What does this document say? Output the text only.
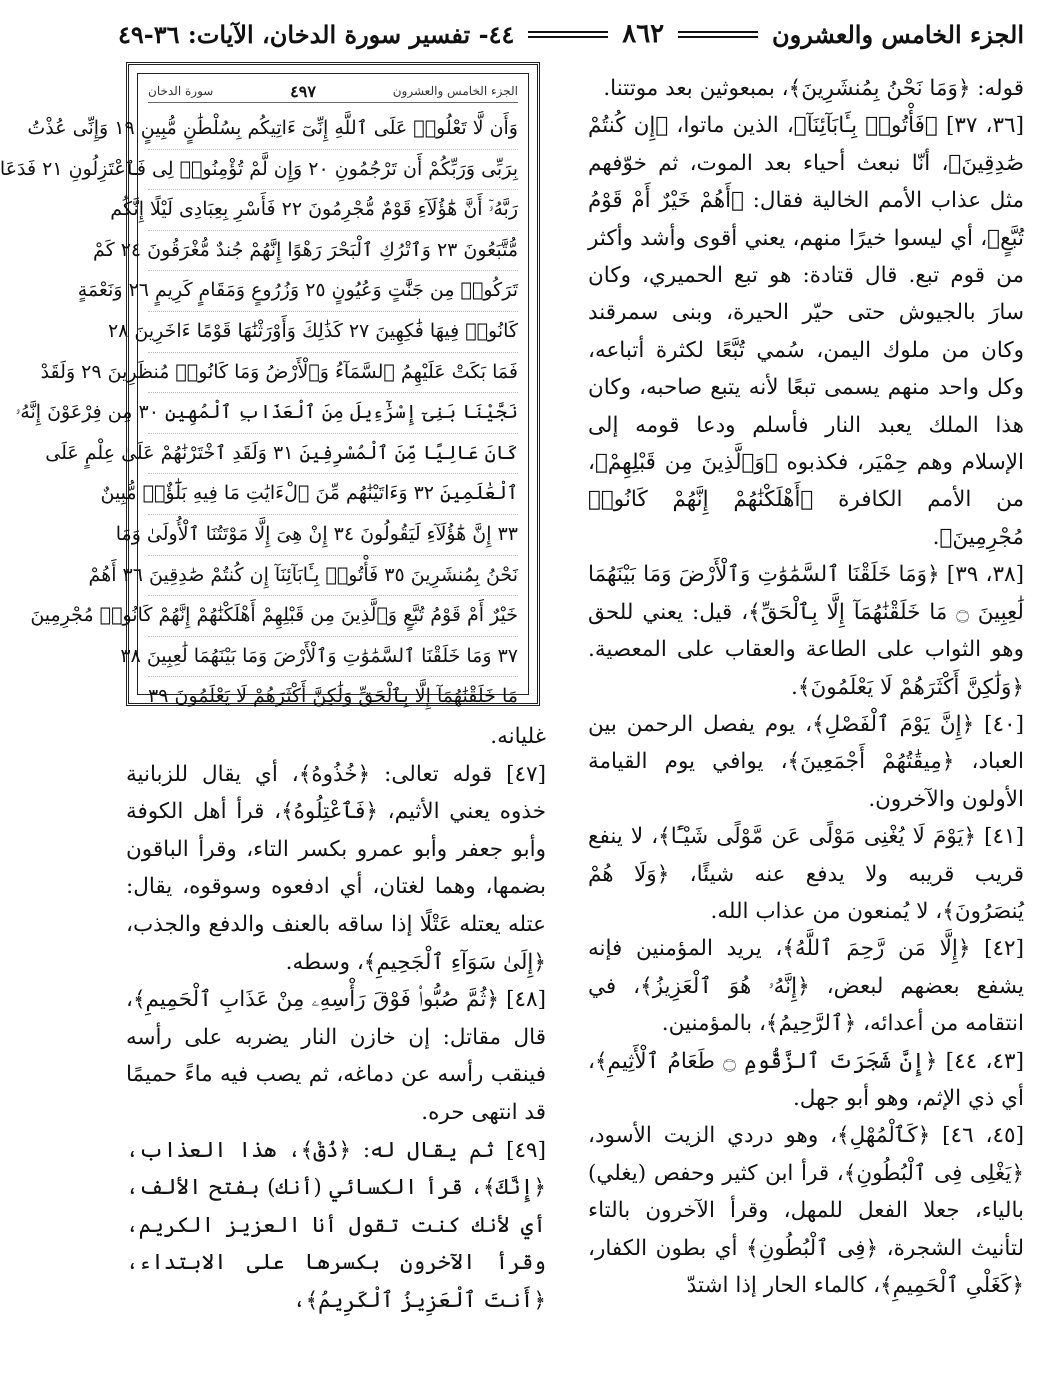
الجزء الخامس والعشرون
٨٦٢
٤٤- تفسير سورة الدخان، الآيات: ٣٦-٤٩

قوله: ﴿وَمَا نَحْنُ بِمُنشَرِينَ﴾، بمبعوثين بعد موتتنا.

[٣٦، ٣٧] ﴿فَأْتُوا۟ بِـَٔابَآئِنَآ﴾، الذين ماتوا، ﴿إِن كُنتُمْ صَٰدِقِينَ﴾، أنّا نبعث أحياء بعد الموت، ثم خوّفهم مثل عذاب الأمم الخالية فقال: ﴿أَهُمْ خَيْرٌ أَمْ قَوْمُ تُبَّعٍ﴾، أي ليسوا خيرًا منهم، يعني أقوى وأشد وأكثر من قوم تبع. قال قتادة: هو تبع الحميري، وكان سارَ بالجيوش حتى حيّر الحيرة، وبنى سمرقند وكان من ملوك اليمن، سُمي تُبَّعًا لكثرة أتباعه، وكل واحد منهم يسمى تبعًا لأنه يتبع صاحبه، وكان هذا الملك يعبد النار فأسلم ودعا قومه إلى الإسلام وهم حِمْيَر، فكذبوه ﴿وَٱلَّذِينَ مِن قَبْلِهِمْ﴾، من الأمم الكافرة ﴿أَهْلَكْنَٰهُمْ إِنَّهُمْ كَانُوا۟ مُجْرِمِينَ﴾.

[٣٨، ٣٩] ﴿وَمَا خَلَقْنَا ٱلسَّمَٰوَٰتِ وَٱلْأَرْضَ وَمَا بَيْنَهُمَا لَٰعِبِينَ ۝ مَا خَلَقْنَٰهُمَآ إِلَّا بِٱلْحَقِّ﴾، قيل: يعني للحق وهو الثواب على الطاعة والعقاب على المعصية. ﴿وَلَٰكِنَّ أَكْثَرَهُمْ لَا يَعْلَمُونَ﴾.

[٤٠] ﴿إِنَّ يَوْمَ ٱلْفَصْلِ﴾، يوم يفصل الرحمن بين العباد، ﴿مِيقَٰتُهُمْ أَجْمَعِينَ﴾، يوافي يوم القيامة الأولون والآخرون.

[٤١] ﴿يَوْمَ لَا يُغْنِى مَوْلًى عَن مَّوْلًى شَيْـًٔا﴾، لا ينفع قريب قريبه ولا يدفع عنه شيئًا، ﴿وَلَا هُمْ يُنصَرُونَ﴾، لا يُمنعون من عذاب الله.

[٤٢] ﴿إِلَّا مَن رَّحِمَ ٱللَّهُ﴾، يريد المؤمنين فإنه يشفع بعضهم لبعض، ﴿إِنَّهُۥ هُوَ ٱلْعَزِيزُ﴾، في انتقامه من أعدائه، ﴿ٱلرَّحِيمُ﴾، بالمؤمنين.

[٤٣، ٤٤] ﴿إِنَّ شَجَرَتَ ٱلزَّقُّومِ ۝ طَعَامُ ٱلْأَثِيمِ﴾، أي ذي الإثم، وهو أبو جهل.

[٤٥، ٤٦] ﴿كَٱلْمُهْلِ﴾، وهو دردي الزيت الأسود، ﴿يَغْلِى فِى ٱلْبُطُونِ﴾، قرأ ابن كثير وحفص (يغلي) بالياء، جعلا الفعل للمهل، وقرأ الآخرون بالتاء لتأنيث الشجرة، ﴿فِى ٱلْبُطُونِ﴾ أي بطون الكفار، ﴿كَغَلْىِ ٱلْحَمِيمِ﴾، كالماء الحار إذا اشتدّ

الجزء الخامس والعشرون
٤٩٧
سورة الدخان
وَأَن لَّا تَعْلُوا۟ عَلَى ٱللَّهِ إِنِّىٓ ءَاتِيكُم بِسُلْطَٰنٍ مُّبِينٍ ١٩ وَإِنِّى عُذْتُ
بِرَبِّى وَرَبِّكُمْ أَن تَرْجُمُونِ ٢٠ وَإِن لَّمْ تُؤْمِنُوا۟ لِى فَٱعْتَزِلُونِ ٢١ فَدَعَا
رَبَّهُۥٓ أَنَّ هَٰٓؤُلَآءِ قَوْمٌ مُّجْرِمُونَ ٢٢ فَأَسْرِ بِعِبَادِى لَيْلًا إِنَّكُم
مُّتَّبَعُونَ ٢٣ وَٱتْرُكِ ٱلْبَحْرَ رَهْوًا إِنَّهُمْ جُندٌ مُّغْرَقُونَ ٢٤ كَمْ
تَرَكُوا۟ مِن جَنَّٰتٍ وَعُيُونٍ ٢٥ وَزُرُوعٍ وَمَقَامٍ كَرِيمٍ ٢٦ وَنَعْمَةٍ
كَانُوا۟ فِيهَا فَٰكِهِينَ ٢٧ كَذَٰلِكَ وَأَوْرَثْنَٰهَا قَوْمًا ءَاخَرِينَ ٢٨
فَمَا بَكَتْ عَلَيْهِمُ ٱلسَّمَآءُ وَٱلْأَرْضُ وَمَا كَانُوا۟ مُنظَرِينَ ٢٩ وَلَقَدْ
نَجَّيْنَا بَنِىٓ إِسْرَٰٓءِيلَ مِنَ ٱلْعَذَابِ ٱلْمُهِينِ ٣٠ مِن فِرْعَوْنَ إِنَّهُۥ
كَانَ عَالِيًا مِّنَ ٱلْمُسْرِفِينَ ٣١ وَلَقَدِ ٱخْتَرْنَٰهُمْ عَلَىٰ عِلْمٍ عَلَى
ٱلْعَٰلَمِينَ ٣٢ وَءَاتَيْنَٰهُم مِّنَ ٱلْءَايَٰتِ مَا فِيهِ بَلَٰٓؤٌا۟ مُّبِينٌ
٣٣ إِنَّ هَٰٓؤُلَآءِ لَيَقُولُونَ ٣٤ إِنْ هِىَ إِلَّا مَوْتَتُنَا ٱلْأُولَىٰ وَمَا
نَحْنُ بِمُنشَرِينَ ٣٥ فَأْتُوا۟ بِـَٔابَآئِنَآ إِن كُنتُمْ صَٰدِقِينَ ٣٦ أَهُمْ
خَيْرٌ أَمْ قَوْمُ تُبَّعٍ وَٱلَّذِينَ مِن قَبْلِهِمْ أَهْلَكْنَٰهُمْ إِنَّهُمْ كَانُوا۟ مُجْرِمِينَ
٣٧ وَمَا خَلَقْنَا ٱلسَّمَٰوَٰتِ وَٱلْأَرْضَ وَمَا بَيْنَهُمَا لَٰعِبِينَ ٣٨
مَا خَلَقْنَٰهُمَآ إِلَّا بِٱلْحَقِّ وَلَٰكِنَّ أَكْثَرَهُمْ لَا يَعْلَمُونَ ٣٩

غليانه.

[٤٧] قوله تعالى: ﴿خُذُوهُ﴾، أي يقال للزبانية خذوه يعني الأثيم، ﴿فَٱعْتِلُوهُ﴾، قرأ أهل الكوفة وأبو جعفر وأبو عمرو بكسر التاء، وقرأ الباقون بضمها، وهما لغتان، أي ادفعوه وسوقوه، يقال: عتله يعتله عَتْلًا إذا ساقه بالعنف والدفع والجذب، ﴿إِلَىٰ سَوَآءِ ٱلْجَحِيمِ﴾، وسطه.

[٤٨] ﴿ثُمَّ صُبُّوا۟ فَوْقَ رَأْسِهِۦ مِنْ عَذَابِ ٱلْحَمِيمِ﴾، قال مقاتل: إن خازن النار يضربه على رأسه فينقب رأسه عن دماغه، ثم يصب فيه ماءً حميمًا قد انتهى حره.

[٤٩] ثم يقال له: ﴿ذُقْ﴾، هذا العذاب، ﴿إِنَّكَ﴾، قرأ الكسائي (أنك) بفتح الألف، أي لأنك كنت تقول أنا العزيز الكريم، وقرأ الآخرون بكسرها على الابتداء، ﴿أَنتَ ٱلْعَزِيزُ ٱلْكَرِيمُ﴾،
